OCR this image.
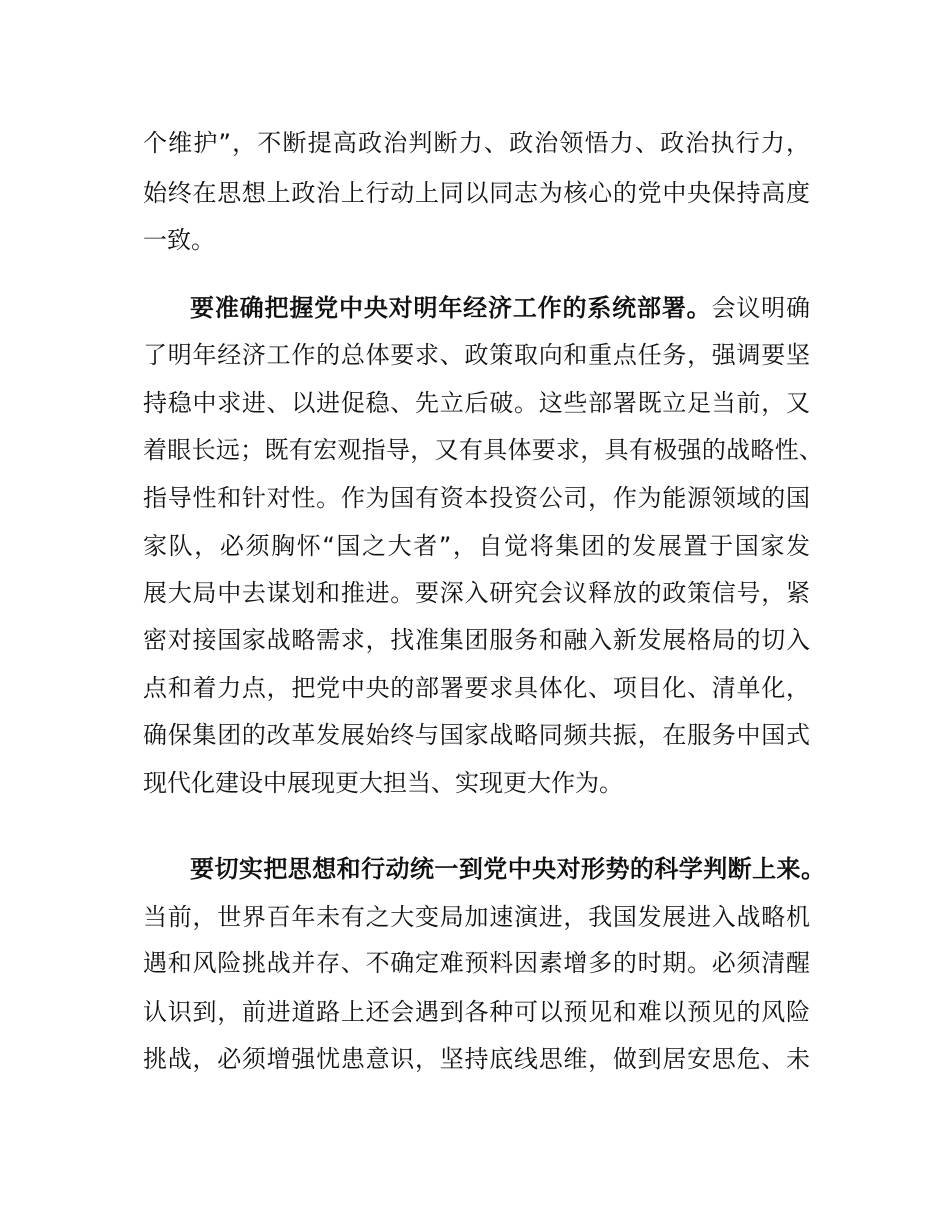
个维护”，不断提高政治判断力、政治领悟力、政治执行力，
始终在思想上政治上行动上同以同志为核心的党中央保持高度
一致。
要准确把握党中央对明年经济工作的系统部署。会议明确
了明年经济工作的总体要求、政策取向和重点任务，强调要坚
持稳中求进、以进促稳、先立后破。这些部署既立足当前，又
着眼长远；既有宏观指导，又有具体要求，具有极强的战略性、
指导性和针对性。作为国有资本投资公司，作为能源领域的国
家队，必须胸怀“国之大者”，自觉将集团的发展置于国家发
展大局中去谋划和推进。要深入研究会议释放的政策信号，紧
密对接国家战略需求，找准集团服务和融入新发展格局的切入
点和着力点，把党中央的部署要求具体化、项目化、清单化，
确保集团的改革发展始终与国家战略同频共振，在服务中国式
现代化建设中展现更大担当、实现更大作为。
要切实把思想和行动统一到党中央对形势的科学判断上来。
当前，世界百年未有之大变局加速演进，我国发展进入战略机
遇和风险挑战并存、不确定难预料因素增多的时期。必须清醒
认识到，前进道路上还会遇到各种可以预见和难以预见的风险
挑战，必须增强忧患意识，坚持底线思维，做到居安思危、未
